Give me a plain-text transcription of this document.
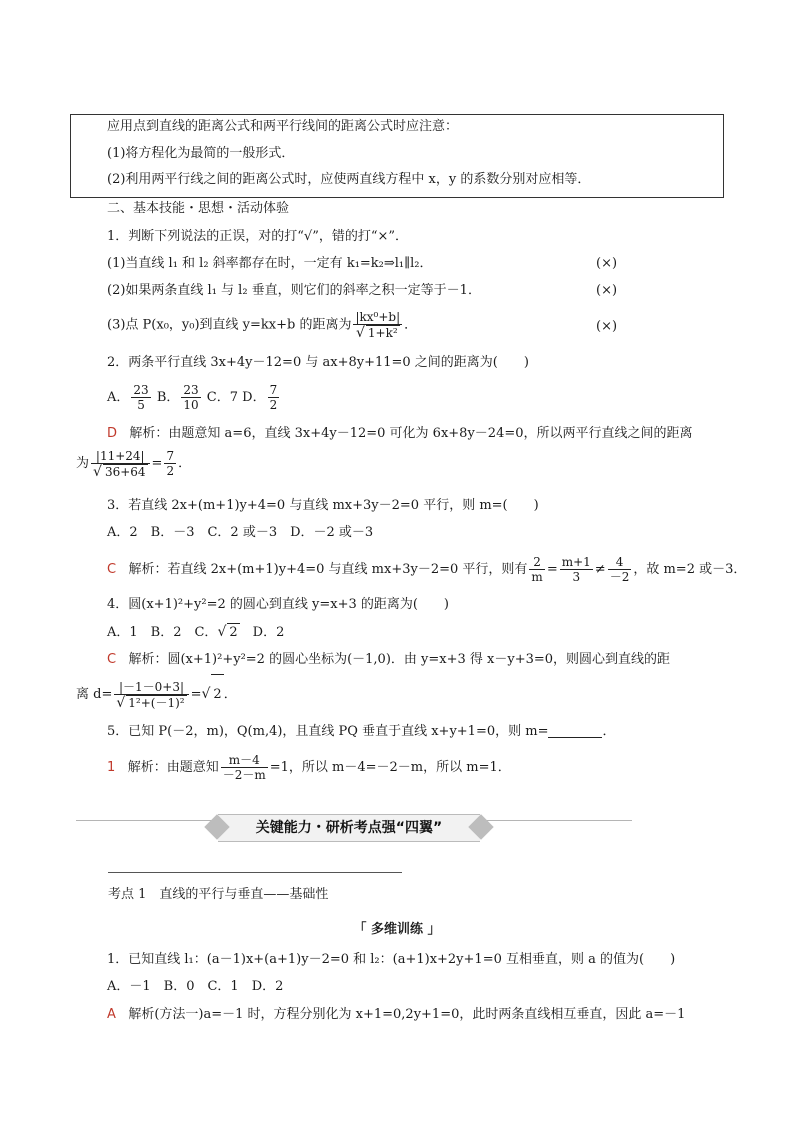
应用点到直线的距离公式和两平行线间的距离公式时应注意：
(1)将方程化为最简的一般形式．
(2)利用两平行线之间的距离公式时，应使两直线方程中 x，y 的系数分别对应相等．
二、基本技能・思想・活动体验
1．判断下列说法的正误，对的打“√”，错的打“×”．
(1)当直线 l₁ 和 l₂ 斜率都存在时，一定有 k₁=k₂⇒l₁∥l₂．	(×)
(2)如果两条直线 l₁ 与 l₂ 垂直，则它们的斜率之积一定等于－1．	(×)
(3)点 P(x₀，y₀)到直线 y=kx+b 的距离为 $\frac{\text{|kx⁰+b|}}{\text{√ 1+k²}}$ ．	(×)
2．两条平行直线 3x+4y－12=0 与 ax+8y+11=0 之间的距离为(　　)
A． $\frac{23}{5}$ B． $\frac{23}{10}$ C．7 D． $\frac{7}{2}$
D 解析：由题意知 a=6，直线 3x+4y－12=0 可化为 6x+8y－24=0，所以两平行直线之间的距离
为 $\frac{|11+24|}{√ 36+64} = \frac{7}{2}$ ．
3．若直线 2x+(m+1)y+4=0 与直线 mx+3y－2=0 平行，则 m=(　　)
A．2　B．－3　C．2 或－3　D．－2 或－3
C 解析：若直线 2x+(m+1)y+4=0 与直线 mx+3y－2=0 平行，则有 $\frac{2}{m} = \frac{m+1}{3} \ne \frac{4}{-2}$ ，故 m=2 或－3．
4．圆(x+1)²+y²=2 的圆心到直线 y=x+3 的距离为(　　)
A．1　B．2　C．√ 2　D．2
C 解析：圆(x+1)²+y²=2 的圆心坐标为(－1,0)．由 y=x+3 得 x－y+3=0，则圆心到直线的距
离 $d= \frac{|-1-0+3|}{\text{√ 1²+(－1)²}}$ =√ 2 ．
5．已知 P(－2，m)，Q(m,4)，且直线 PQ 垂直于直线 x+y+1=0，则 m=	．
1 解析：由题意知 $\frac{m-4}{-2-m} =1$，所以 m－4=－2－m，所以 m=1．
关键能力・研析考点强“四翼”
考点 1　直线的平行与垂直——基础性
「 多维训练 」
1．已知直线 l₁：(a－1)x+(a+1)y－2=0 和 l₂：(a+1)x+2y+1=0 互相垂直，则 a 的值为(　　)
A．－1　B．0　C．1　D．2
A 解析(方法一)a=－1 时，方程分别化为 x+1=0,2y+1=0，此时两条直线相互垂直，因此 a=－1
